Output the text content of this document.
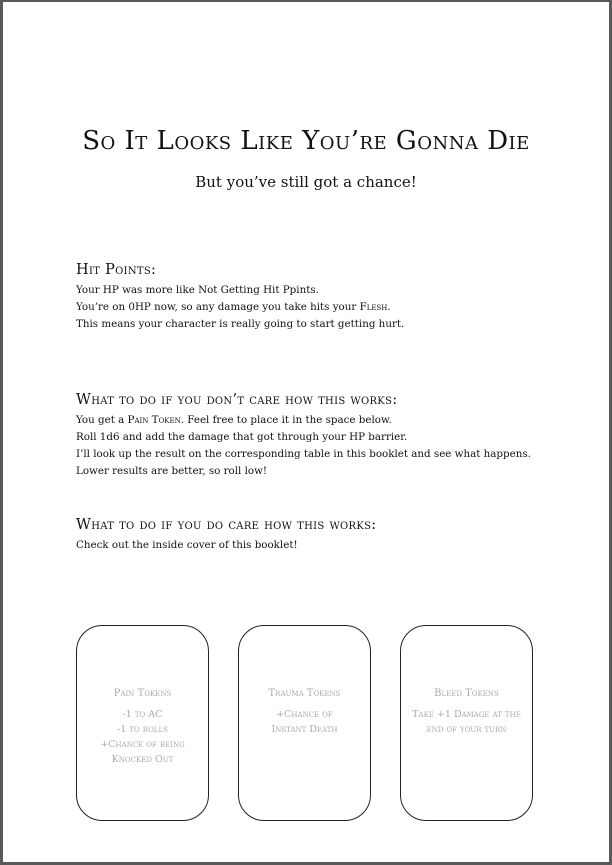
So It Looks Like You’re Gonna Die
But you’ve still got a chance!
Hit Points:

Your HP was more like Not Getting Hit Ppints.

You’re on 0HP now, so any damage you take hits your Flesh.

This means your character is really going to start getting hurt.

What to do if you don’t care how this works:

You get a Pain Token. Feel free to place it in the space below.

Roll 1d6 and add the damage that got through your HP barrier.

I’ll look up the result on the corresponding table in this booklet and see what happens.

Lower results are better, so roll low!

What to do if you do care how this works:

Check out the inside cover of this booklet!

Pain Tokens
-1 to AC
-1 to rolls
+Chance of being
Knocked Out
Trauma Tokens
+Chance of
Instant Death
Bleed Tokens
Take +1 Damage at the
end of your turn
